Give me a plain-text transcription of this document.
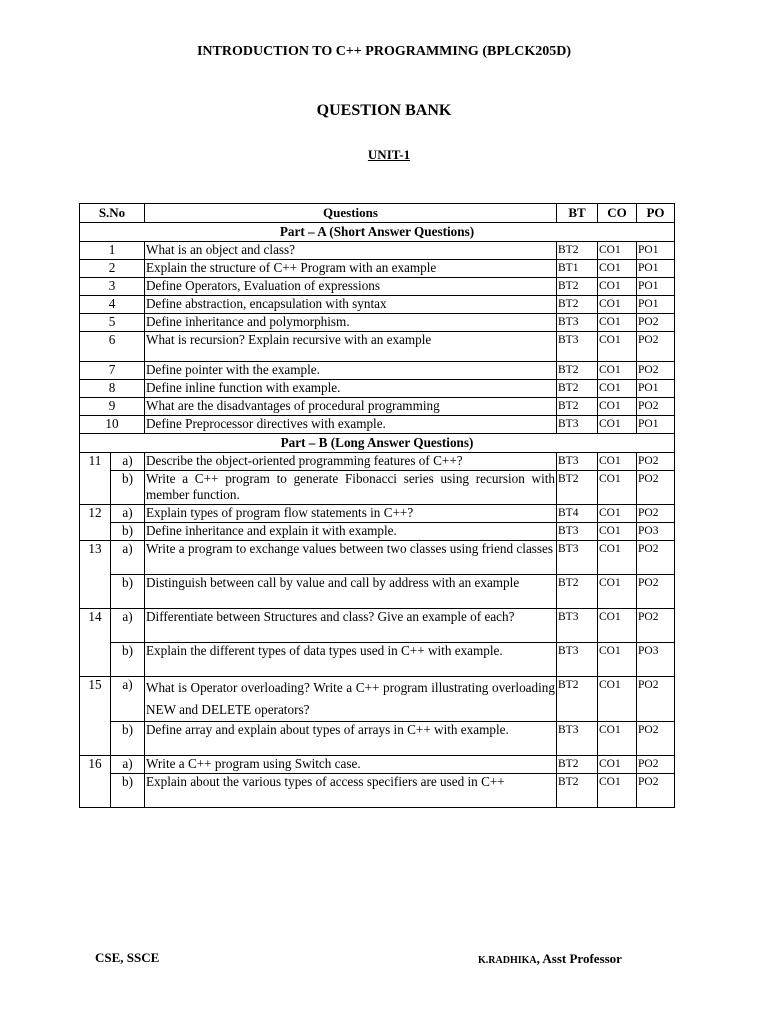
INTRODUCTION TO C++ PROGRAMMING (BPLCK205D)
QUESTION BANK
UNIT-1
S.No		Questions	BT	CO	PO
Part – A (Short Answer Questions)					
1		What is an object and class?	BT2	CO1	PO1
2		Explain the structure of C++ Program with an example	BT1	CO1	PO1
3		Define Operators, Evaluation of expressions	BT2	CO1	PO1
4		Define abstraction, encapsulation with syntax	BT2	CO1	PO1
5		Define inheritance and polymorphism.	BT3	CO1	PO2
6		What is recursion? Explain recursive with an example	BT3	CO1	PO2
7		Define pointer with the example.	BT2	CO1	PO2
8		Define inline function with example.	BT2	CO1	PO1
9		What are the disadvantages of procedural programming	BT2	CO1	PO2
10		Define Preprocessor directives with example.	BT3	CO1	PO1
Part – B (Long Answer Questions)					
11	a)	Describe the object-oriented programming features of C++?	BT3	CO1	PO2
	b)	Write a C++ program to generate Fibonacci series using recursion with member function.	BT2	CO1	PO2
12	a)	Explain types of program flow statements in C++?	BT4	CO1	PO2
	b)	Define inheritance and explain it with example.	BT3	CO1	PO3
13	a)	Write a program to exchange values between two classes using friend classes	BT3	CO1	PO2
	b)	Distinguish between call by value and call by address with an example	BT2	CO1	PO2
14	a)	Differentiate between Structures and class? Give an example of each?	BT3	CO1	PO2
	b)	Explain the different types of data types used in C++ with example.	BT3	CO1	PO3
15	a)	What is Operator overloading? Write a C++ program illustrating overloading NEW and DELETE operators?	BT2	CO1	PO2
	b)	Define array and explain about types of arrays in C++ with example.	BT3	CO1	PO2
16	a)	Write a C++ program using Switch case.	BT2	CO1	PO2
	b)	Explain about the various types of access specifiers are used in C++	BT2	CO1	PO2
CSE, SSCE	K.RADHIKA, Asst Professor
